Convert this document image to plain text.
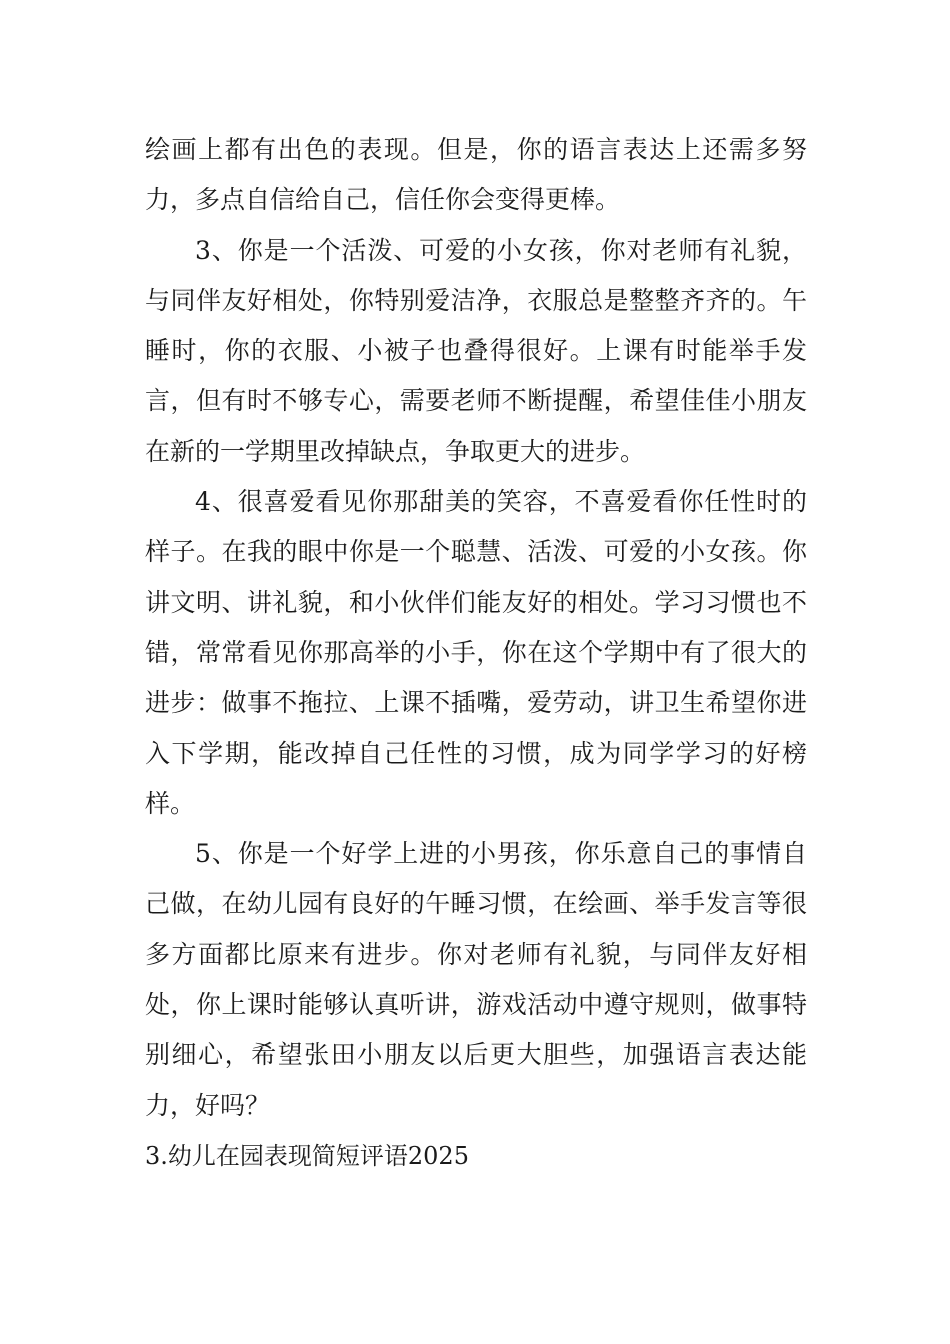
绘画上都有出色的表现。但是，你的语言表达上还需多努力，多点自信给自己，信任你会变得更棒。

3、你是一个活泼、可爱的小女孩，你对老师有礼貌，与同伴友好相处，你特别爱洁净，衣服总是整整齐齐的。午睡时，你的衣服、小被子也叠得很好。上课有时能举手发言，但有时不够专心，需要老师不断提醒，希望佳佳小朋友在新的一学期里改掉缺点，争取更大的进步。

4、很喜爱看见你那甜美的笑容，不喜爱看你任性时的样子。在我的眼中你是一个聪慧、活泼、可爱的小女孩。你讲文明、讲礼貌，和小伙伴们能友好的相处。学习习惯也不错，常常看见你那高举的小手，你在这个学期中有了很大的进步：做事不拖拉、上课不插嘴，爱劳动，讲卫生希望你进入下学期，能改掉自己任性的习惯，成为同学学习的好榜样。

5、你是一个好学上进的小男孩，你乐意自己的事情自己做，在幼儿园有良好的午睡习惯，在绘画、举手发言等很多方面都比原来有进步。你对老师有礼貌，与同伴友好相处，你上课时能够认真听讲，游戏活动中遵守规则，做事特别细心，希望张田小朋友以后更大胆些，加强语言表达能力，好吗？

3.幼儿在园表现简短评语2025
